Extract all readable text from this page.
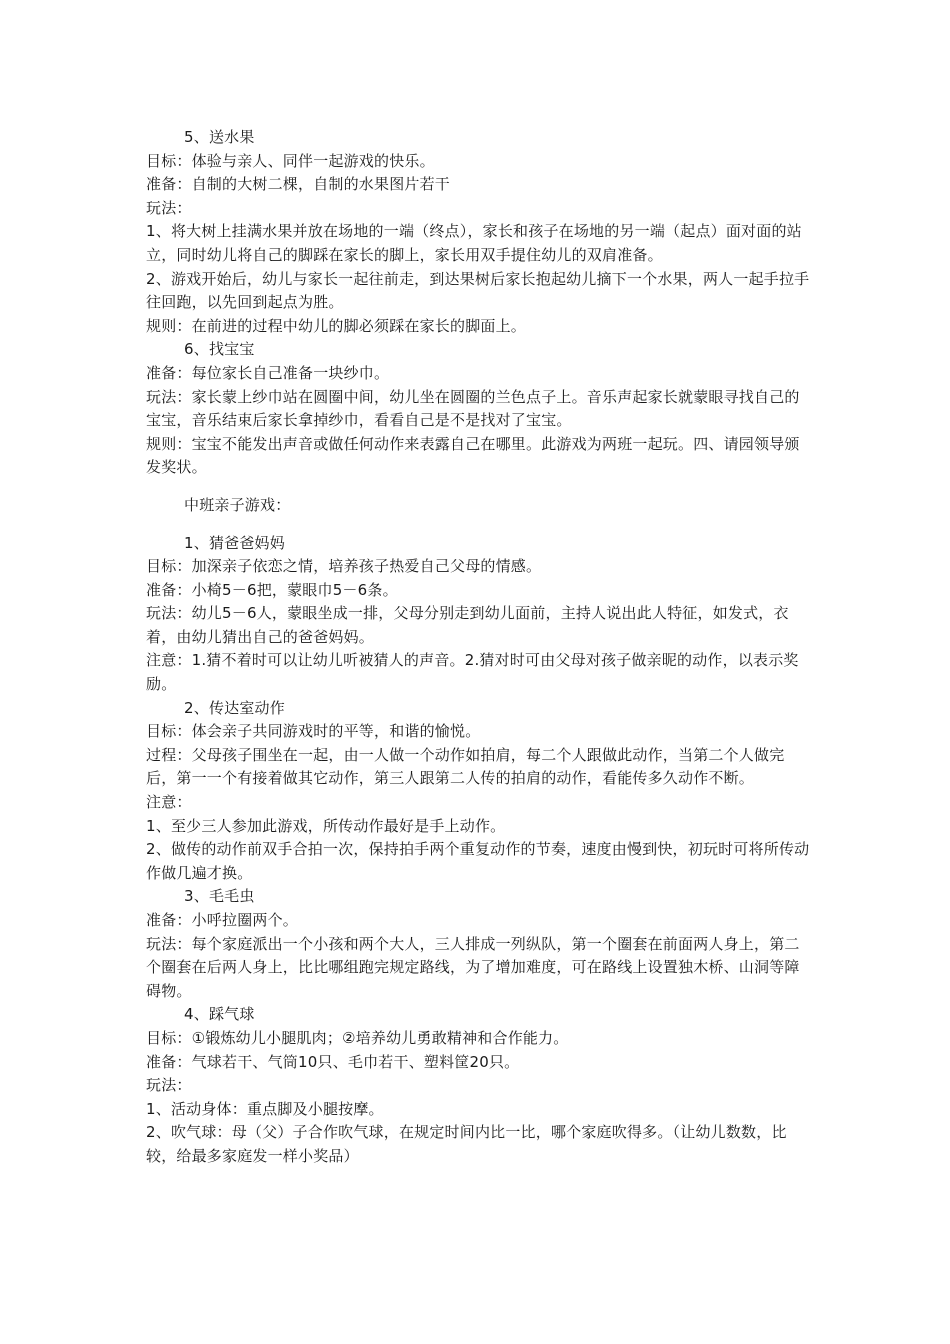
5、送水果
目标：体验与亲人、同伴一起游戏的快乐。
准备：自制的大树二棵，自制的水果图片若干
玩法：
1、将大树上挂满水果并放在场地的一端（终点），家长和孩子在场地的另一端（起点）面对面的站立，同时幼儿将自己的脚踩在家长的脚上，家长用双手提住幼儿的双肩准备。
2、游戏开始后，幼儿与家长一起往前走，到达果树后家长抱起幼儿摘下一个水果，两人一起手拉手往回跑，以先回到起点为胜。
规则：在前进的过程中幼儿的脚必须踩在家长的脚面上。
6、找宝宝
准备：每位家长自己准备一块纱巾。
玩法：家长蒙上纱巾站在圆圈中间，幼儿坐在圆圈的兰色点子上。音乐声起家长就蒙眼寻找自己的宝宝，音乐结束后家长拿掉纱巾，看看自己是不是找对了宝宝。
规则：宝宝不能发出声音或做任何动作来表露自己在哪里。此游戏为两班一起玩。四、请园领导颁发奖状。
中班亲子游戏：
1、猜爸爸妈妈
目标：加深亲子依恋之情，培养孩子热爱自己父母的情感。
准备：小椅5－6把，蒙眼巾5－6条。
玩法：幼儿5－6人，蒙眼坐成一排，父母分别走到幼儿面前，主持人说出此人特征，如发式，衣着，由幼儿猜出自己的爸爸妈妈。
注意：1.猜不着时可以让幼儿听被猜人的声音。2.猜对时可由父母对孩子做亲昵的动作，以表示奖励。
2、传达室动作
目标：体会亲子共同游戏时的平等，和谐的愉悦。
过程：父母孩子围坐在一起，由一人做一个动作如拍肩，每二个人跟做此动作，当第二个人做完后，第一一个有接着做其它动作，第三人跟第二人传的拍肩的动作，看能传多久动作不断。
注意：
1、至少三人参加此游戏，所传动作最好是手上动作。
2、做传的动作前双手合拍一次，保持拍手两个重复动作的节奏，速度由慢到快，初玩时可将所传动作做几遍才换。
3、毛毛虫
准备：小呼拉圈两个。
玩法：每个家庭派出一个小孩和两个大人，三人排成一列纵队，第一个圈套在前面两人身上，第二个圈套在后两人身上，比比哪组跑完规定路线，为了增加难度，可在路线上设置独木桥、山洞等障碍物。
4、踩气球
目标：①锻炼幼儿小腿肌肉；②培养幼儿勇敢精神和合作能力。
准备：气球若干、气筒10只、毛巾若干、塑料筐20只。
玩法：
1、活动身体：重点脚及小腿按摩。
2、吹气球：母（父）子合作吹气球，在规定时间内比一比，哪个家庭吹得多。（让幼儿数数，比较，给最多家庭发一样小奖品）
